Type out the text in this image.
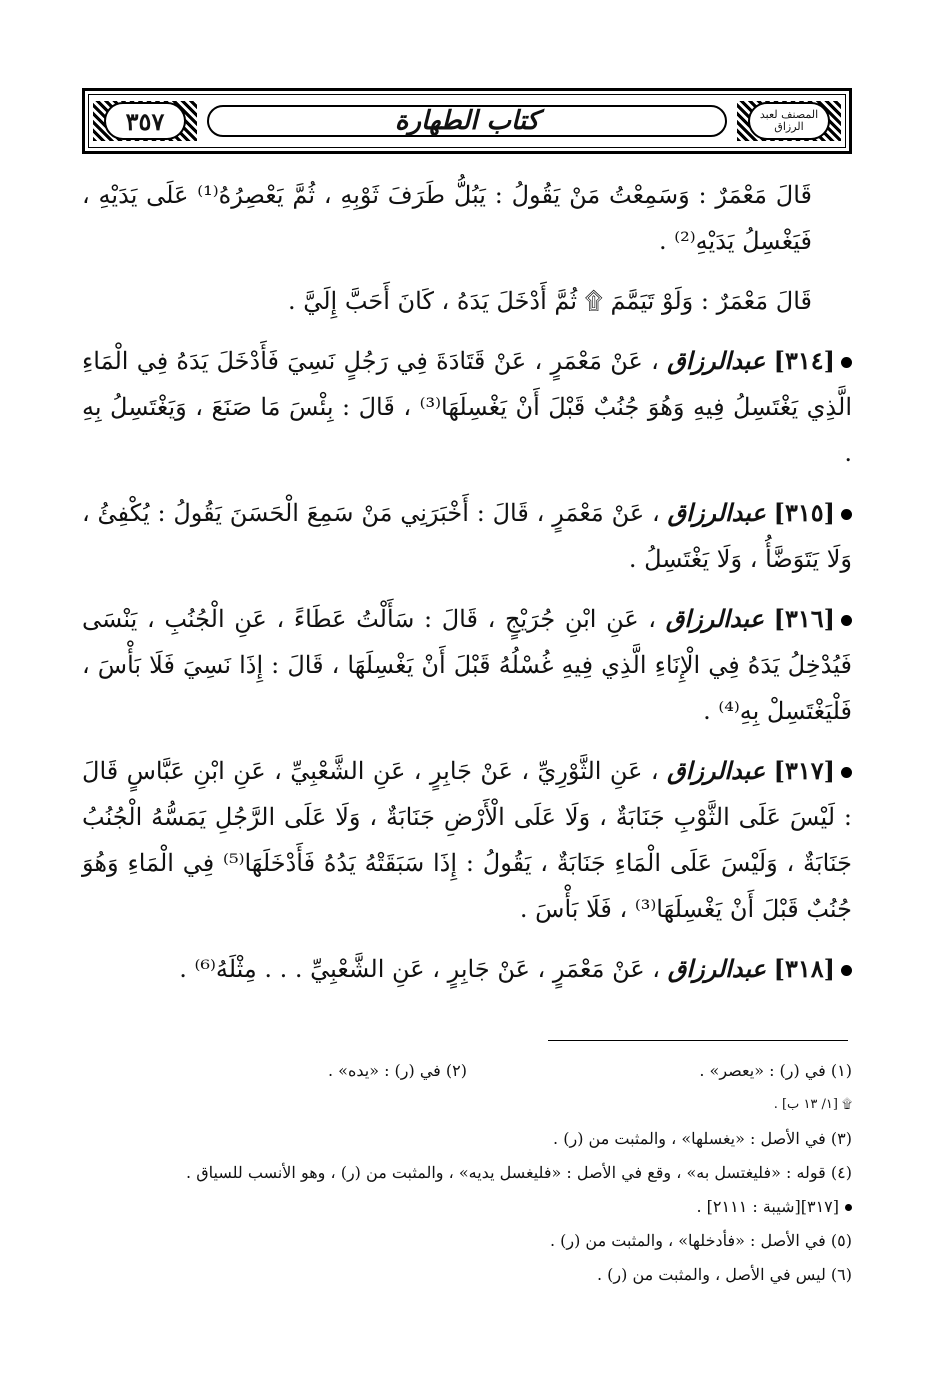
٣٥٧	كتاب الطهارة	المصنف لعبد الرزاق

قَالَ مَعْمَرٌ : وَسَمِعْتُ مَنْ يَقُولُ : يَبُلُّ طَرَفَ ثَوْبِهِ ، ثُمَّ يَعْصِرُهُ⁽¹⁾ عَلَى يَدَيْهِ ، فَيَغْسِلُ يَدَيْهِ⁽²⁾ .

قَالَ مَعْمَرٌ : وَلَوْ تَيَمَّمَ ۩ ثُمَّ أَدْخَلَ يَدَهُ ، كَانَ أَحَبَّ إِلَيَّ .

[٣١٤] عبدالرزاق ، عَنْ مَعْمَرٍ ، عَنْ قَتَادَةَ فِي رَجُلٍ نَسِيَ فَأَدْخَلَ يَدَهُ فِي الْمَاءِ الَّذِي يَغْتَسِلُ فِيهِ وَهُوَ جُنُبٌ قَبْلَ أَنْ يَغْسِلَهَا⁽³⁾ ، قَالَ : بِئْسَ مَا صَنَعَ ، وَيَغْتَسِلُ بِهِ .

[٣١٥] عبدالرزاق ، عَنْ مَعْمَرٍ ، قَالَ : أَخْبَرَنِي مَنْ سَمِعَ الْحَسَنَ يَقُولُ : يُكْفِئُ ، وَلَا يَتَوَضَّأُ ، وَلَا يَغْتَسِلُ .

[٣١٦] عبدالرزاق ، عَنِ ابْنِ جُرَيْجٍ ، قَالَ : سَأَلْتُ عَطَاءً ، عَنِ الْجُنُبِ ، يَنْسَى فَيُدْخِلُ يَدَهُ فِي الْإِنَاءِ الَّذِي فِيهِ غُسْلُهُ قَبْلَ أَنْ يَغْسِلَهَا ، قَالَ : إِذَا نَسِيَ فَلَا بَأْسَ ، فَلْيَغْتَسِلْ بِهِ⁽⁴⁾ .

[٣١٧] عبدالرزاق ، عَنِ الثَّوْرِيِّ ، عَنْ جَابِرٍ ، عَنِ الشَّعْبِيِّ ، عَنِ ابْنِ عَبَّاسٍ قَالَ : لَيْسَ عَلَى الثَّوْبِ جَنَابَةٌ ، وَلَا عَلَى الْأَرْضِ جَنَابَةٌ ، وَلَا عَلَى الرَّجُلِ يَمَسُّهُ الْجُنُبُ جَنَابَةٌ ، وَلَيْسَ عَلَى الْمَاءِ جَنَابَةٌ ، يَقُولُ : إِذَا سَبَقَتْهُ يَدُهُ فَأَدْخَلَهَا⁽⁵⁾ فِي الْمَاءِ وَهُوَ جُنُبٌ قَبْلَ أَنْ يَغْسِلَهَا⁽³⁾ ، فَلَا بَأْسَ .

[٣١٨] عبدالرزاق ، عَنْ مَعْمَرٍ ، عَنْ جَابِرٍ ، عَنِ الشَّعْبِيِّ . . . مِثْلَهُ⁽⁶⁾ .

(١) في (ر) : «يعصر» .
(٢) في (ر) : «يده» .
۩ [١/ ١٣ ب] .
(٣) في الأصل : «يغسلها» ، والمثبت من (ر) .
(٤) قوله : «فليغتسل به» ، وقع في الأصل : «فليغسل يديه» ، والمثبت من (ر) ، وهو الأنسب للسياق .
[٣١٧][شيبة : ٢١١١] .
(٥) في الأصل : «فأدخلها» ، والمثبت من (ر) .
(٦) ليس في الأصل ، والمثبت من (ر) .
